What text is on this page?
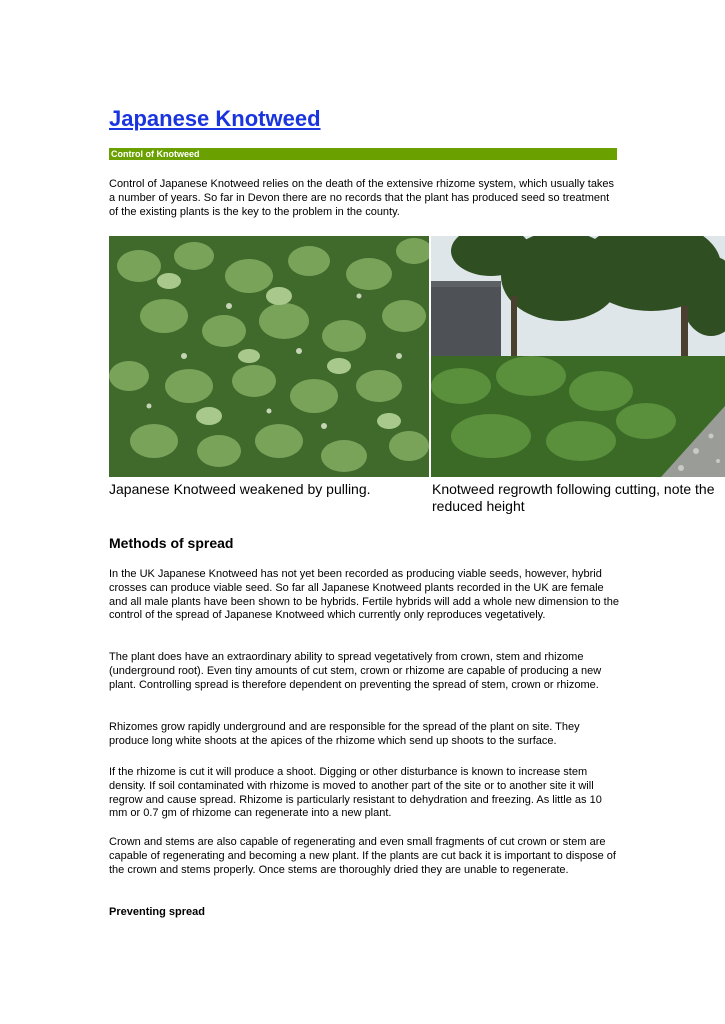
Japanese Knotweed
Control of Knotweed

Control of Japanese Knotweed relies on the death of the extensive rhizome system, which usually takes a number of years. So far in Devon there are no records that the plant has produced seed so treatment of the existing plants is the key to the problem in the county.

Japanese Knotweed weakened by pulling.	Knotweed regrowth following cutting, note the reduced height

Methods of spread

In the UK Japanese Knotweed has not yet been recorded as producing viable seeds, however, hybrid crosses can produce viable seed. So far all Japanese Knotweed plants recorded in the UK are female and all male plants have been shown to be hybrids. Fertile hybrids will add a whole new dimension to the control of the spread of Japanese Knotweed which currently only reproduces vegetatively.

The plant does have an extraordinary ability to spread vegetatively from crown, stem and rhizome (underground root). Even tiny amounts of cut stem, crown or rhizome are capable of producing a new plant. Controlling spread is therefore dependent on preventing the spread of stem, crown or rhizome.

Rhizomes grow rapidly underground and are responsible for the spread of the plant on site. They produce long white shoots at the apices of the rhizome which send up shoots to the surface.

If the rhizome is cut it will produce a shoot. Digging or other disturbance is known to increase stem density. If soil contaminated with rhizome is moved to another part of the site or to another site it will regrow and cause spread. Rhizome is particularly resistant to dehydration and freezing. As little as 10 mm or 0.7 gm of rhizome can regenerate into a new plant.

Crown and stems are also capable of regenerating and even small fragments of cut crown or stem are capable of regenerating and becoming a new plant. If the plants are cut back it is important to dispose of the crown and stems properly. Once stems are thoroughly dried they are unable to regenerate.

Preventing spread
